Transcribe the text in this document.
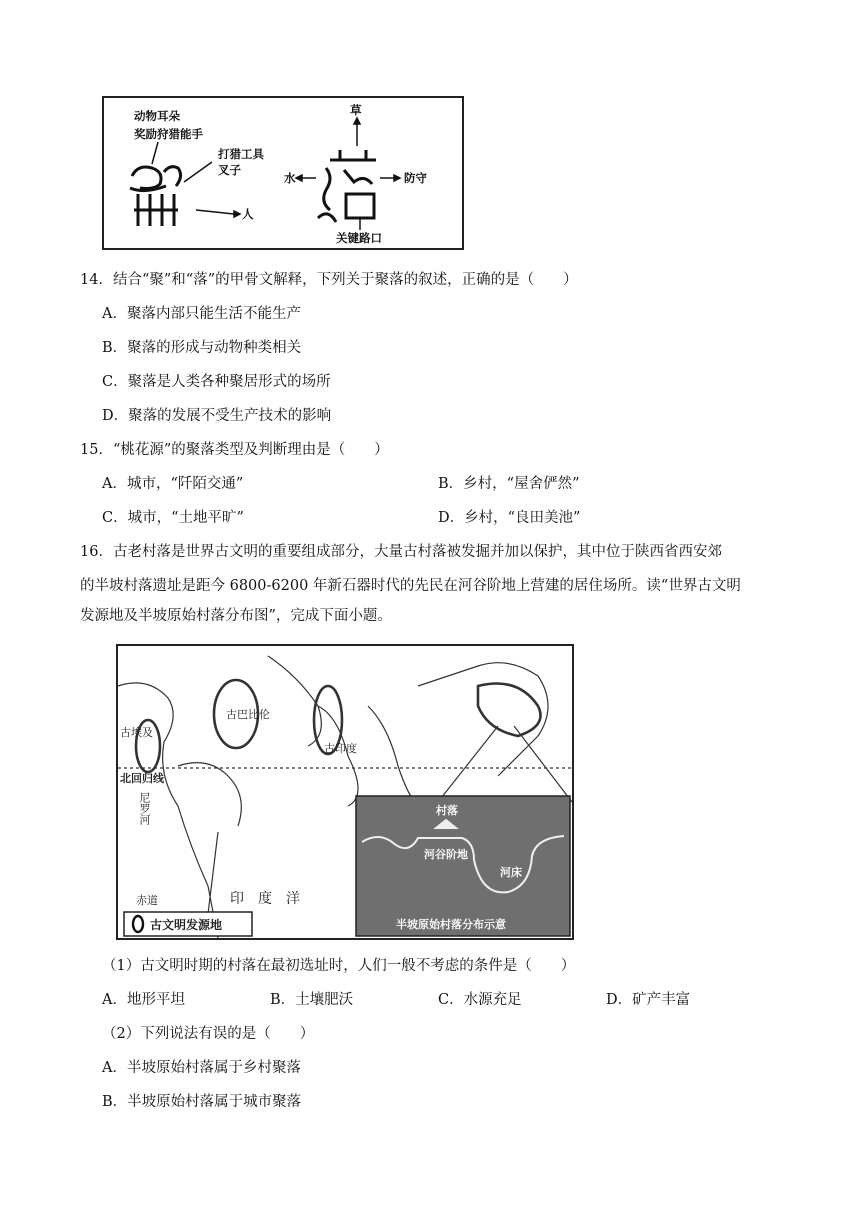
动物耳朵
奖励狩猎能手
打猎工具
叉子
人
草
水	防守
关键路口
14．结合“聚”和“落”的甲骨文解释，下列关于聚落的叙述，正确的是（　　）
A．聚落内部只能生活不能生产
B．聚落的形成与动物种类相关
C．聚落是人类各种聚居形式的场所
D．聚落的发展不受生产技术的影响
15．“桃花源”的聚落类型及判断理由是（　　）
A．城市，“阡陌交通”	B．乡村，“屋舍俨然”
C．城市，“土地平旷”	D．乡村，“良田美池”
16．古老村落是世界古文明的重要组成部分，大量古村落被发掘并加以保护，其中位于陕西省西安郊
的半坡村落遗址是距今 6800-6200 年新石器时代的先民在河谷阶地上营建的居住场所。读“世界古文明
发源地及半坡原始村落分布图”，完成下面小题。
古巴比伦
古埃及
古印度
北回归线
尼罗河
赤道	印　度　洋
古文明发源地
村落
河谷阶地
河床
半坡原始村落分布示意
（1）古文明时期的村落在最初选址时，人们一般不考虑的条件是（　　）
A．地形平坦	B．土壤肥沃	C．水源充足	D．矿产丰富
（2）下列说法有误的是（　　）
A．半坡原始村落属于乡村聚落
B．半坡原始村落属于城市聚落
